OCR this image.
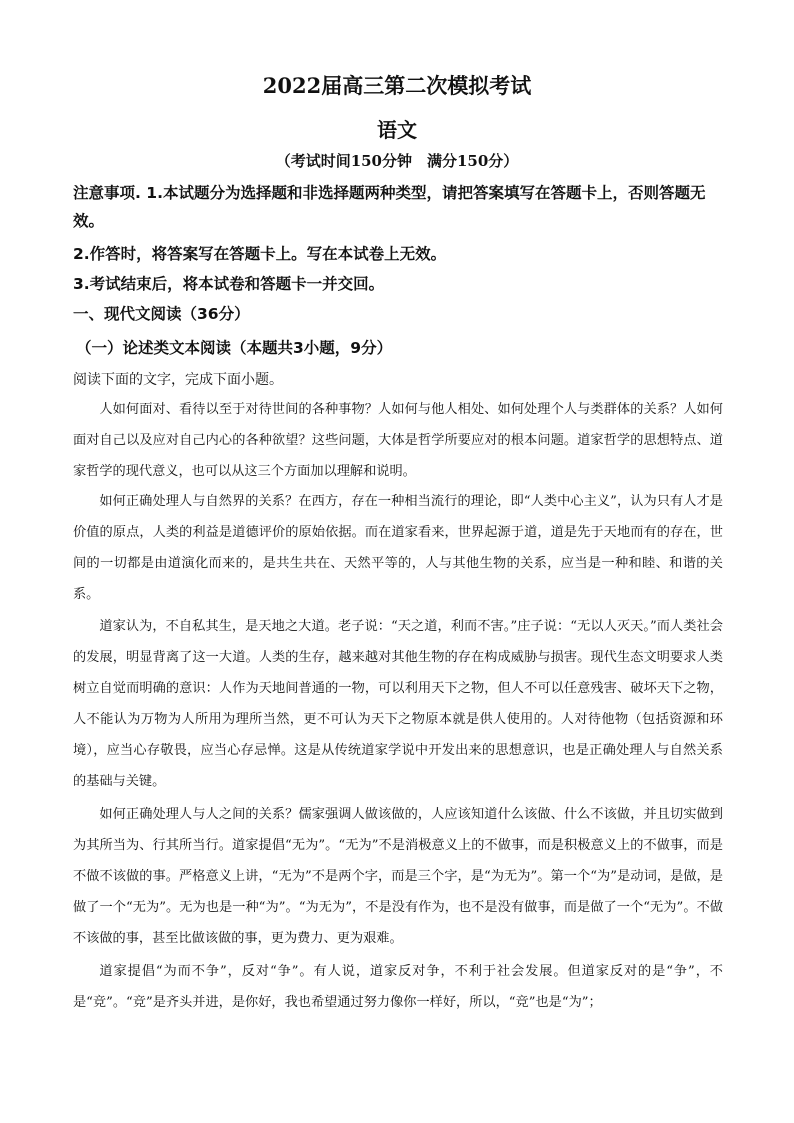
2022届高三第二次模拟考试
语文
（考试时间150分钟　满分150分）
注意事项. 1.本试题分为选择题和非选择题两种类型，请把答案填写在答题卡上，否则答题无
效。
2.作答时，将答案写在答题卡上。写在本试卷上无效。
3.考试结束后，将本试卷和答题卡一并交回。
一、现代文阅读（36分）
（一）论述类文本阅读（本题共3小题，9分）
阅读下面的文字，完成下面小题。

人如何面对、看待以至于对待世间的各种事物？人如何与他人相处、如何处理个人与类群体的关系？人如何面对自己以及应对自己内心的各种欲望？这些问题，大体是哲学所要应对的根本问题。道家哲学的思想特点、道家哲学的现代意义，也可以从这三个方面加以理解和说明。

如何正确处理人与自然界的关系？在西方，存在一种相当流行的理论，即“人类中心主义”，认为只有人才是价值的原点，人类的利益是道德评价的原始依据。而在道家看来，世界起源于道，道是先于天地而有的存在，世间的一切都是由道演化而来的，是共生共在、天然平等的，人与其他生物的关系，应当是一种和睦、和谐的关系。

道家认为，不自私其生，是天地之大道。老子说：“天之道，利而不害。”庄子说：“无以人灭天。”而人类社会的发展，明显背离了这一大道。人类的生存，越来越对其他生物的存在构成威胁与损害。现代生态文明要求人类树立自觉而明确的意识：人作为天地间普通的一物，可以利用天下之物，但人不可以任意残害、破坏天下之物，人不能认为万物为人所用为理所当然，更不可认为天下之物原本就是供人使用的。人对待他物（包括资源和环境），应当心存敬畏，应当心存忌惮。这是从传统道家学说中开发出来的思想意识，也是正确处理人与自然关系的基础与关键。

如何正确处理人与人之间的关系？儒家强调人做该做的，人应该知道什么该做、什么不该做，并且切实做到为其所当为、行其所当行。道家提倡“无为”。“无为”不是消极意义上的不做事，而是积极意义上的不做事，而是不做不该做的事。严格意义上讲，“无为”不是两个字，而是三个字，是“为无为”。第一个“为”是动词，是做，是做了一个“无为”。无为也是一种“为”。“为无为”，不是没有作为，也不是没有做事，而是做了一个“无为”。不做不该做的事，甚至比做该做的事，更为费力、更为艰难。

道家提倡“为而不争”，反对“争”。有人说，道家反对争，不利于社会发展。但道家反对的是“争”，不是“竞”。“竞”是齐头并进，是你好，我也希望通过努力像你一样好，所以，“竞”也是“为”；
